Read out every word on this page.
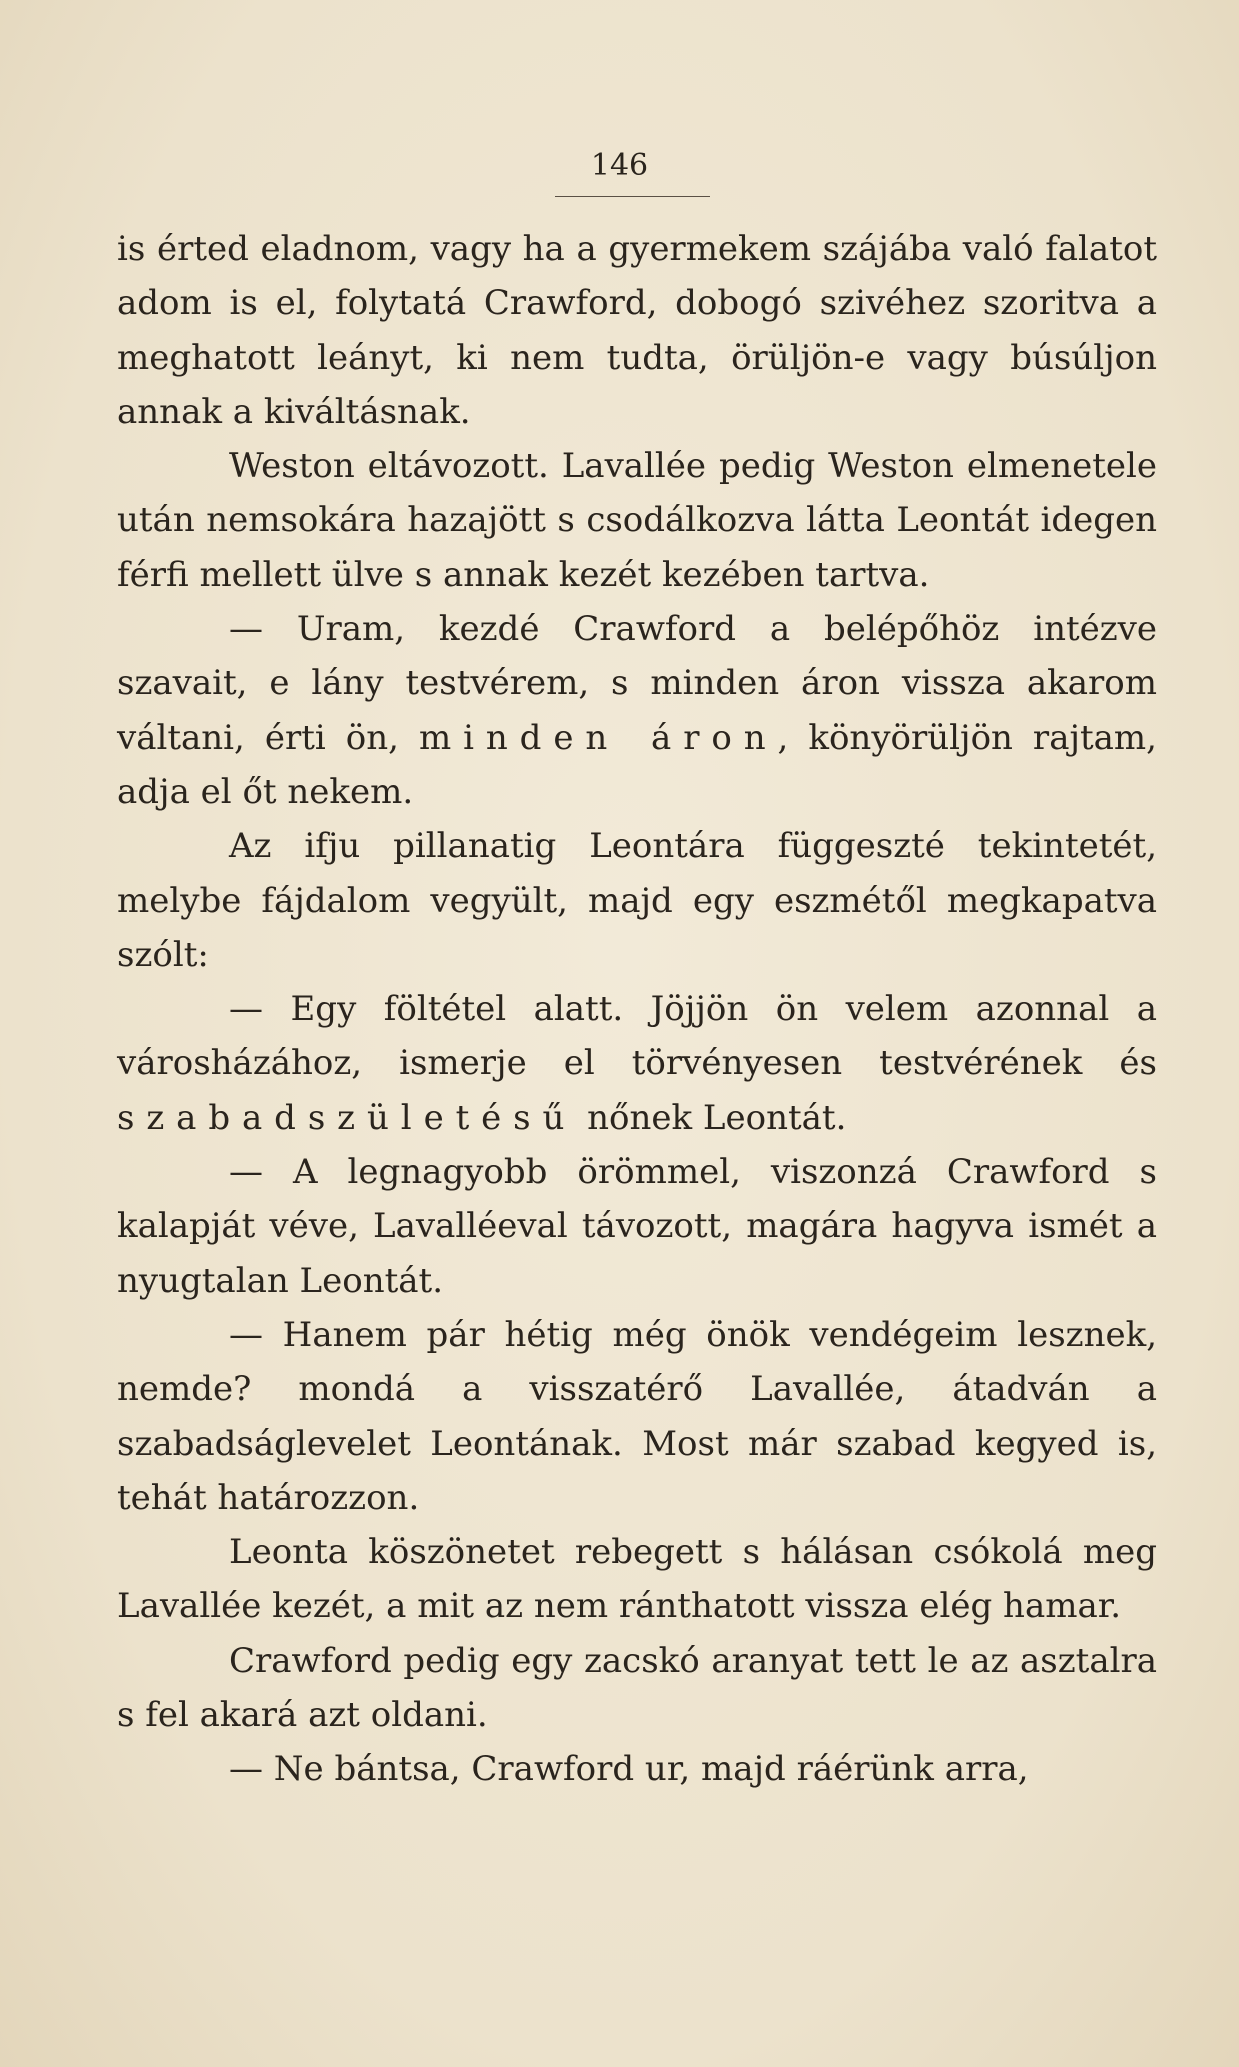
146

is érted eladnom, vagy ha a gyermekem szájába való falatot adom is el, folytatá Crawford, dobogó szivéhez szoritva a meghatott leányt, ki nem tudta, örüljön-e vagy búsúljon annak a kiváltásnak.

Weston eltávozott. Lavallée pedig Weston elmenetele után nemsokára hazajött s csodálkozva látta Leontát idegen férfi mellett ülve s annak kezét kezében tartva.

— Uram, kezdé Crawford a belépőhöz intézve szavait, e lány testvérem, s minden áron vissza akarom váltani, érti ön, minden áron, könyörüljön rajtam, adja el őt nekem.

Az ifju pillanatig Leontára függeszté tekintetét, melybe fájdalom vegyült, majd egy eszmétől megkapatva szólt:

— Egy föltétel alatt. Jöjjön ön velem azonnal a városházához, ismerje el törvényesen testvérének és szabadszületésű nőnek Leontát.

— A legnagyobb örömmel, viszonzá Crawford s kalapját véve, Lavalléeval távozott, magára hagyva ismét a nyugtalan Leontát.

— Hanem pár hétig még önök vendégeim lesznek, nemde? mondá a visszatérő Lavallée, átadván a szabadságlevelet Leontának. Most már szabad kegyed is, tehát határozzon.

Leonta köszönetet rebegett s hálásan csókolá meg Lavallée kezét, a mit az nem ránthatott vissza elég hamar.

Crawford pedig egy zacskó aranyat tett le az asztalra s fel akará azt oldani.

— Ne bántsa, Crawford ur, majd ráérünk arra,
